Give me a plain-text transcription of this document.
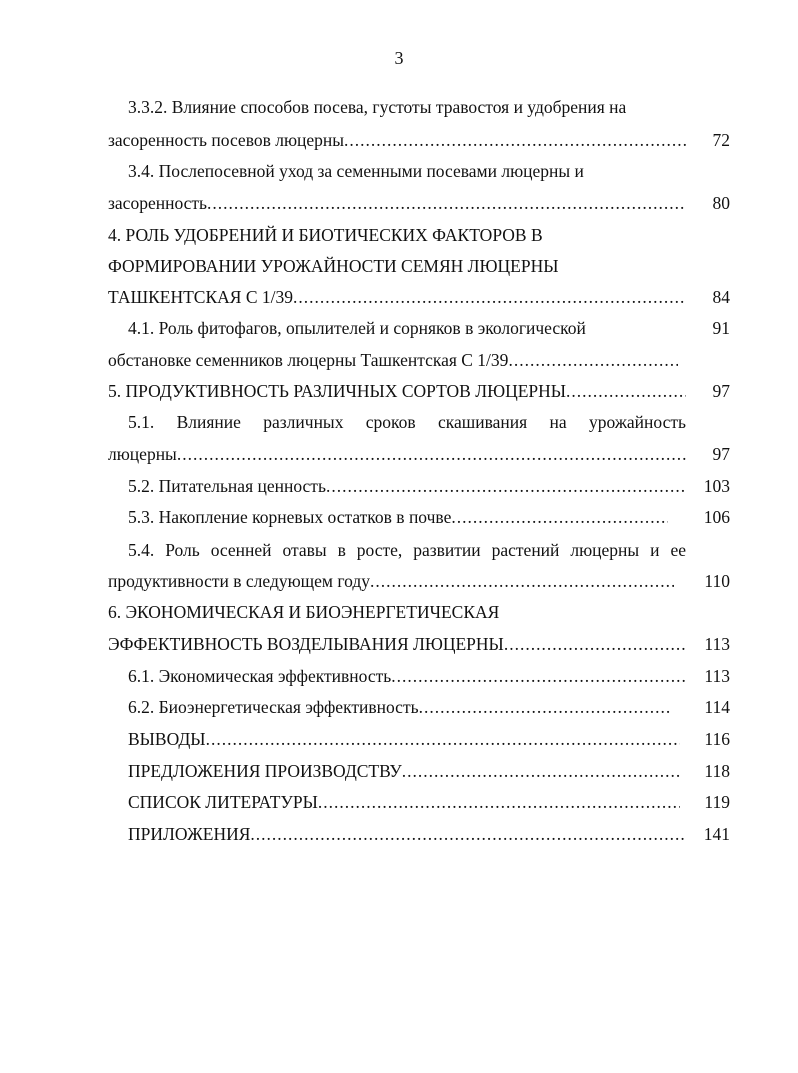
3
3.3.2. Влияние способов посева, густоты травостоя и удобрения на
засоренность посевов люцерны .....	72
3.4. Послепосевной уход за семенными посевами люцерны и
засоренность .....	80
4. РОЛЬ УДОБРЕНИЙ И БИОТИЧЕСКИХ ФАКТОРОВ В
ФОРМИРОВАНИИ УРОЖАЙНОСТИ СЕМЯН ЛЮЦЕРНЫ
ТАШКЕНТСКАЯ С 1/39 .....	84
4.1. Роль фитофагов, опылителей и сорняков в экологической	91
обстановке семенников люцерны Ташкентская С 1/39
.....
5. ПРОДУКТИВНОСТЬ РАЗЛИЧНЫХ СОРТОВ ЛЮЦЕРНЫ .....	97
5.1. Влияние различных сроков скашивания на урожайность
люцерны .....	97
5.2. Питательная ценность .....	103
5.3. Накопление корневых остатков в почве .....	106
5.4. Роль осенней отавы в росте, развитии растений люцерны и ее
продуктивности в следующем году .....	110
6. ЭКОНОМИЧЕСКАЯ И БИОЭНЕРГЕТИЧЕСКАЯ
ЭФФЕКТИВНОСТЬ ВОЗДЕЛЫВАНИЯ ЛЮЦЕРНЫ .....	113
6.1. Экономическая эффективность .....	113
6.2. Биоэнергетическая эффективность .....	114
ВЫВОДЫ .....	116
ПРЕДЛОЖЕНИЯ ПРОИЗВОДСТВУ .....	118
СПИСОК ЛИТЕРАТУРЫ .....	119
ПРИЛОЖЕНИЯ .....	141
